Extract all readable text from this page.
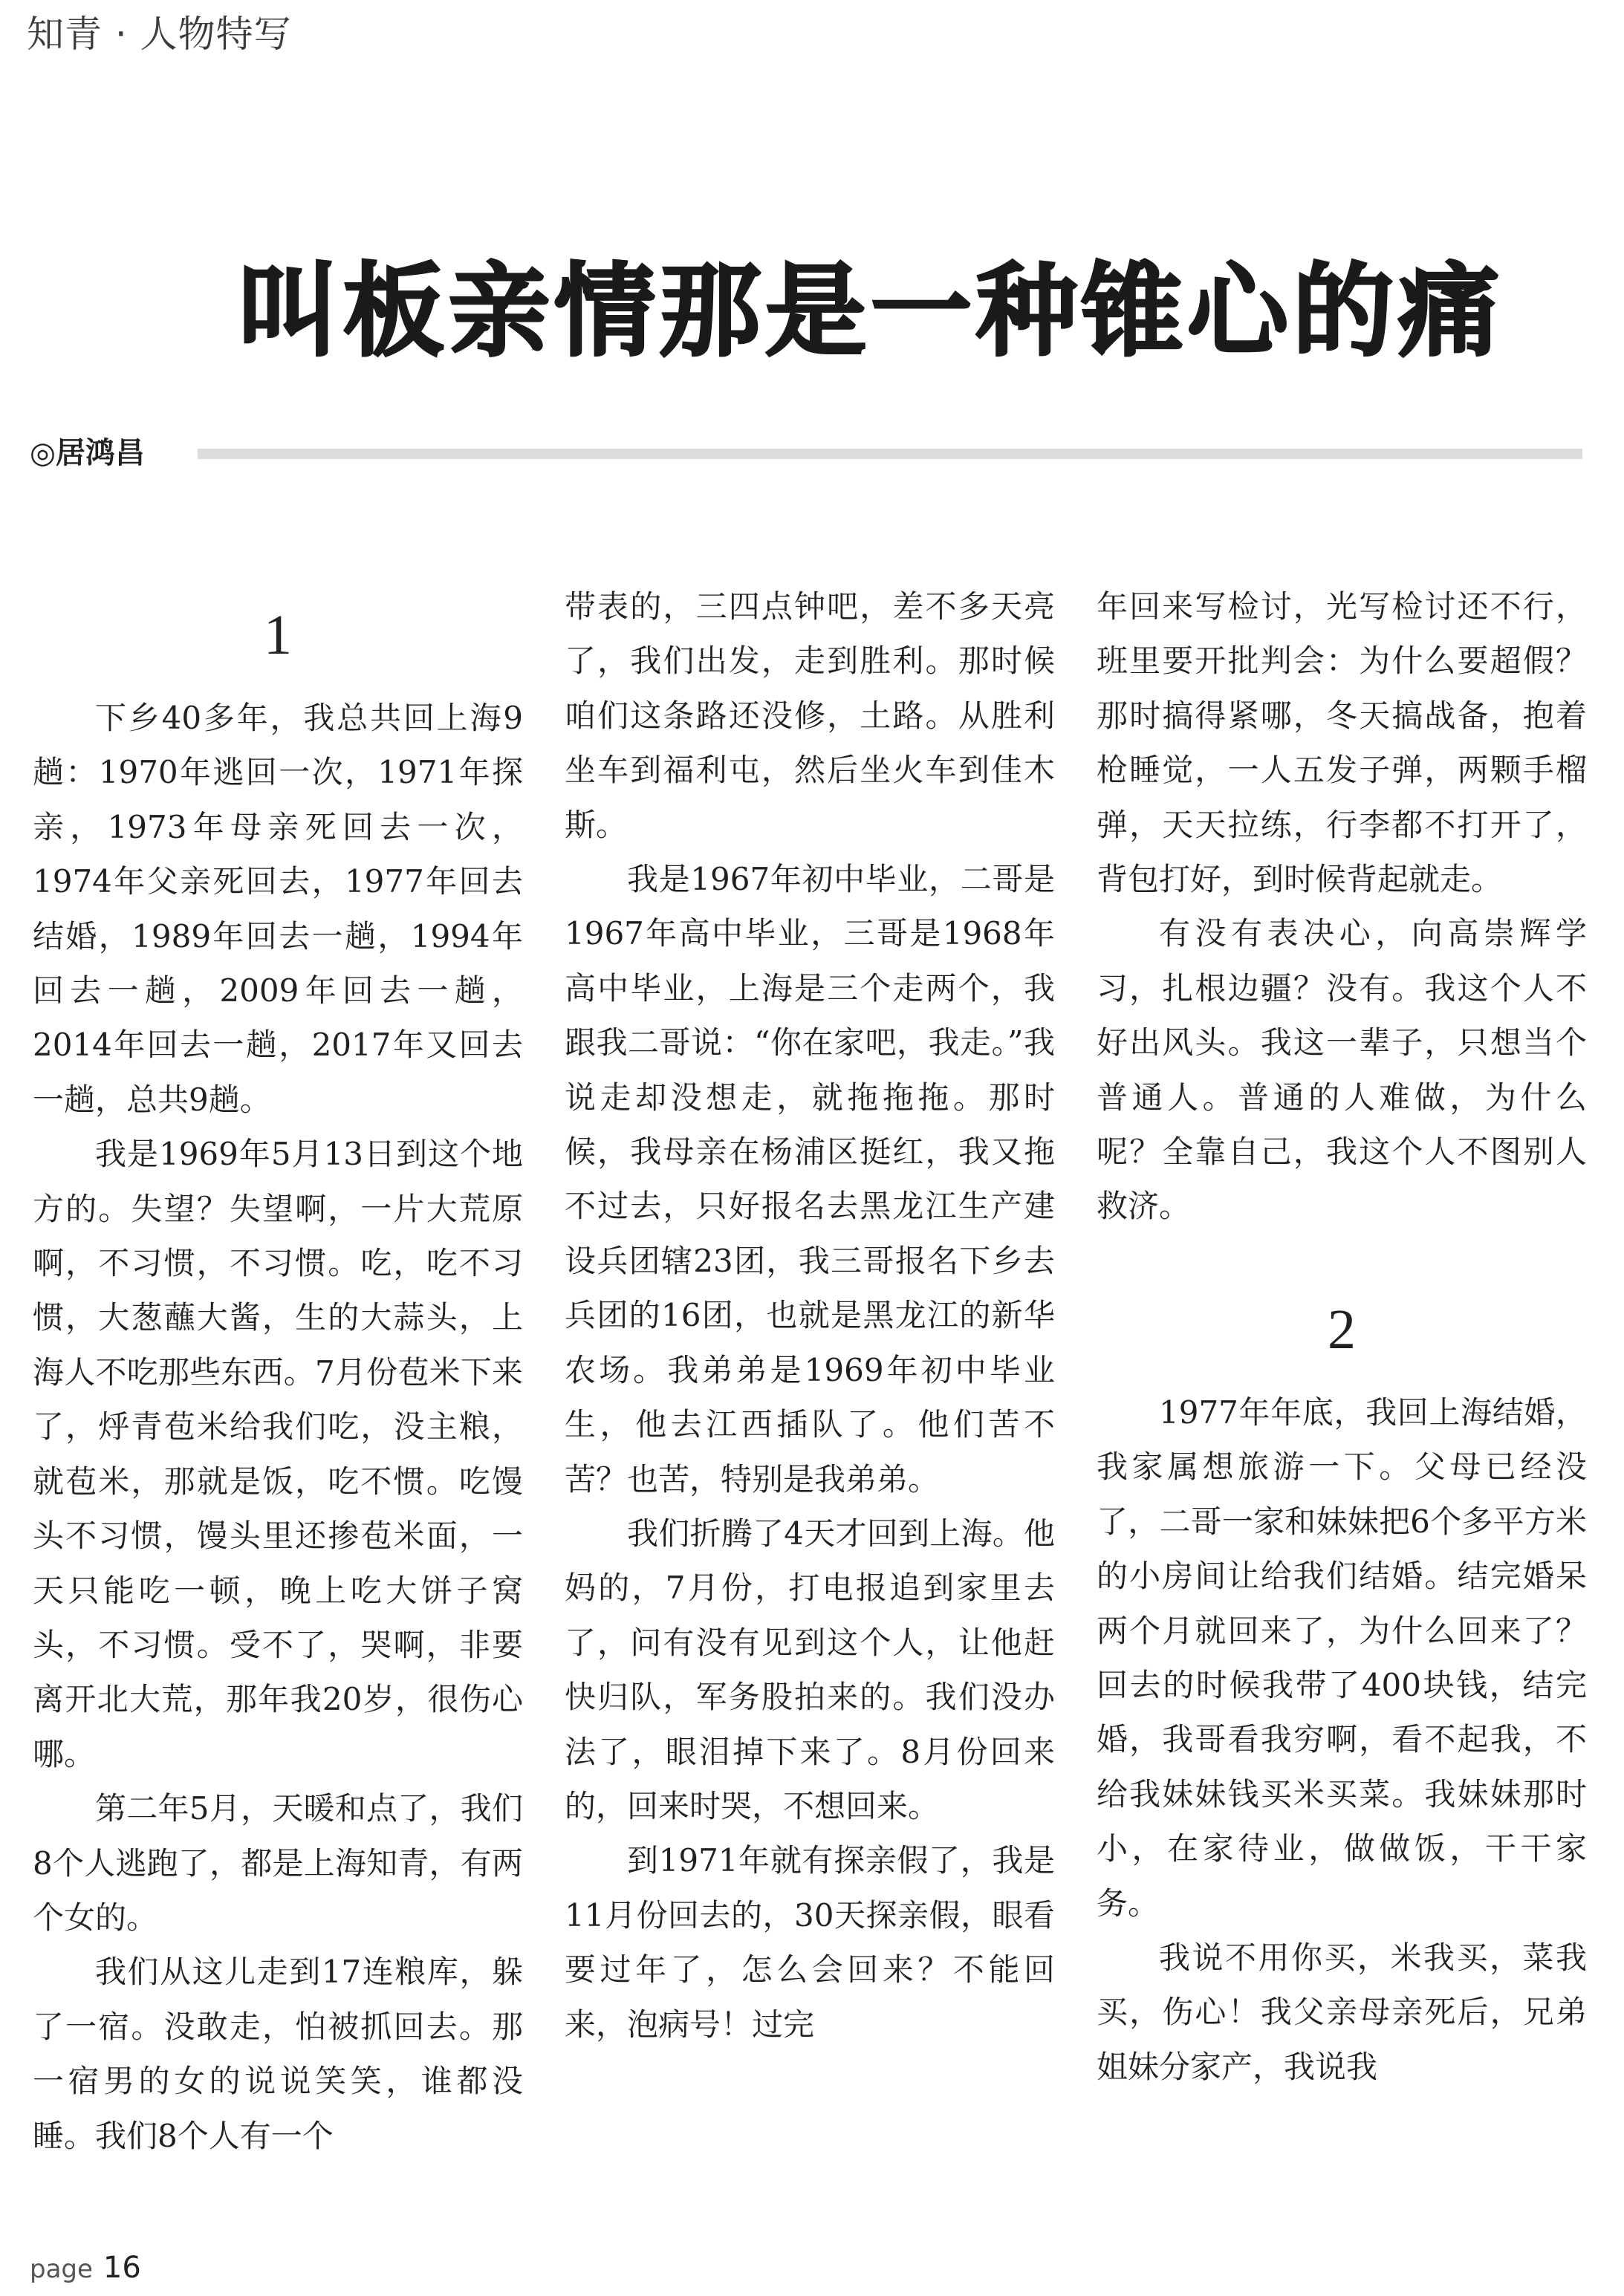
知青 · 人物特写
叫板亲情那是一种锥心的痛
◎居鸿昌
1

下乡40多年，我总共回上海9趟：1970年逃回一次，1971年探亲，1973年母亲死回去一次，1974年父亲死回去，1977年回去结婚，1989年回去一趟，1994年回去一趟，2009年回去一趟，2014年回去一趟，2017年又回去一趟，总共9趟。

我是1969年5月13日到这个地方的。失望？失望啊，一片大荒原啊，不习惯，不习惯。吃，吃不习惯，大葱蘸大酱，生的大蒜头，上海人不吃那些东西。7月份苞米下来了，烀青苞米给我们吃，没主粮，就苞米，那就是饭，吃不惯。吃馒头不习惯，馒头里还掺苞米面，一天只能吃一顿，晚上吃大饼子窝头，不习惯。受不了，哭啊，非要离开北大荒，那年我20岁，很伤心哪。

第二年5月，天暖和点了，我们8个人逃跑了，都是上海知青，有两个女的。

我们从这儿走到17连粮库，躲了一宿。没敢走，怕被抓回去。那一宿男的女的说说笑笑，谁都没睡。我们8个人有一个

带表的，三四点钟吧，差不多天亮了，我们出发，走到胜利。那时候咱们这条路还没修，土路。从胜利坐车到福利屯，然后坐火车到佳木斯。

我是1967年初中毕业，二哥是1967年高中毕业，三哥是1968年高中毕业，上海是三个走两个，我跟我二哥说：“你在家吧，我走。”我说走却没想走，就拖拖拖。那时候，我母亲在杨浦区挺红，我又拖不过去，只好报名去黑龙江生产建设兵团辖23团，我三哥报名下乡去兵团的16团，也就是黑龙江的新华农场。我弟弟是1969年初中毕业生，他去江西插队了。他们苦不苦？也苦，特别是我弟弟。

我们折腾了4天才回到上海。他妈的，7月份，打电报追到家里去了，问有没有见到这个人，让他赶快归队，军务股拍来的。我们没办法了，眼泪掉下来了。8月份回来的，回来时哭，不想回来。

到1971年就有探亲假了，我是11月份回去的，30天探亲假，眼看要过年了，怎么会回来？不能回来，泡病号！过完

年回来写检讨，光写检讨还不行，班里要开批判会：为什么要超假？那时搞得紧哪，冬天搞战备，抱着枪睡觉，一人五发子弹，两颗手榴弹，天天拉练，行李都不打开了，背包打好，到时候背起就走。

有没有表决心，向高崇辉学习，扎根边疆？没有。我这个人不好出风头。我这一辈子，只想当个普通人。普通的人难做，为什么呢？全靠自己，我这个人不图别人救济。

2

1977年年底，我回上海结婚，我家属想旅游一下。父母已经没了，二哥一家和妹妹把6个多平方米的小房间让给我们结婚。结完婚呆两个月就回来了，为什么回来了？回去的时候我带了400块钱，结完婚，我哥看我穷啊，看不起我，不给我妹妹钱买米买菜。我妹妹那时小，在家待业，做做饭，干干家务。

我说不用你买，米我买，菜我买，伤心！我父亲母亲死后，兄弟姐妹分家产，我说我

page 16
